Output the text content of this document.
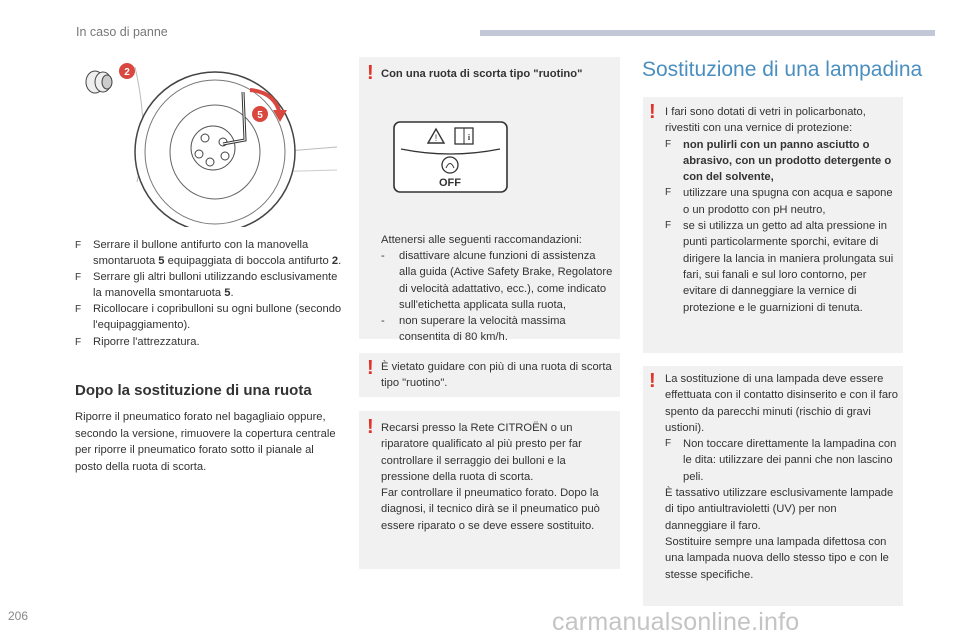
In caso di panne
2
5
F Serrare il bullone antifurto con la manovella smontaruota 5 equipaggiata di boccola antifurto 2.
F Serrare gli altri bulloni utilizzando esclusivamente la manovella smontaruota 5.
F Ricollocare i copribulloni su ogni bullone (secondo l'equipaggiamento).
F Riporre l'attrezzatura.
Dopo la sostituzione di una ruota
Riporre il pneumatico forato nel bagagliaio oppure, secondo la versione, rimuovere la copertura centrale per riporre il pneumatico forato sotto il pianale al posto della ruota di scorta.
! Con una ruota di scorta tipo "ruotino"
!	i
OFF
Attenersi alle seguenti raccomandazioni:
- disattivare alcune funzioni di assistenza alla guida (Active Safety Brake, Regolatore di velocità adattativo, ecc.), come indicato sull'etichetta applicata sulla ruota,
- non superare la velocità massima consentita di 80 km/h.
! È vietato guidare con più di una ruota di scorta tipo "ruotino".
! Recarsi presso la Rete CITROËN o un riparatore qualificato al più presto per far controllare il serraggio dei bulloni e la pressione della ruota di scorta.
Far controllare il pneumatico forato. Dopo la diagnosi, il tecnico dirà se il pneumatico può essere riparato o se deve essere sostituito.
Sostituzione di una lampadina
! I fari sono dotati di vetri in policarbonato, rivestiti con una vernice di protezione:
F non pulirli con un panno asciutto o abrasivo, con un prodotto detergente o con del solvente,
F utilizzare una spugna con acqua e sapone o un prodotto con pH neutro,
F se si utilizza un getto ad alta pressione in punti particolarmente sporchi, evitare di dirigere la lancia in maniera prolungata sui fari, sui fanali e sul loro contorno, per evitare di danneggiare la vernice di protezione e le guarnizioni di tenuta.
! La sostituzione di una lampada deve essere effettuata con il contatto disinserito e con il faro spento da parecchi minuti (rischio di gravi ustioni).
F Non toccare direttamente la lampadina con le dita: utilizzare dei panni che non lascino peli.
È tassativo utilizzare esclusivamente lampade di tipo antiultravioletti (UV) per non danneggiare il faro.
Sostituire sempre una lampada difettosa con una lampada nuova dello stesso tipo e con le stesse specifiche.
206	carmanualsonline.info
